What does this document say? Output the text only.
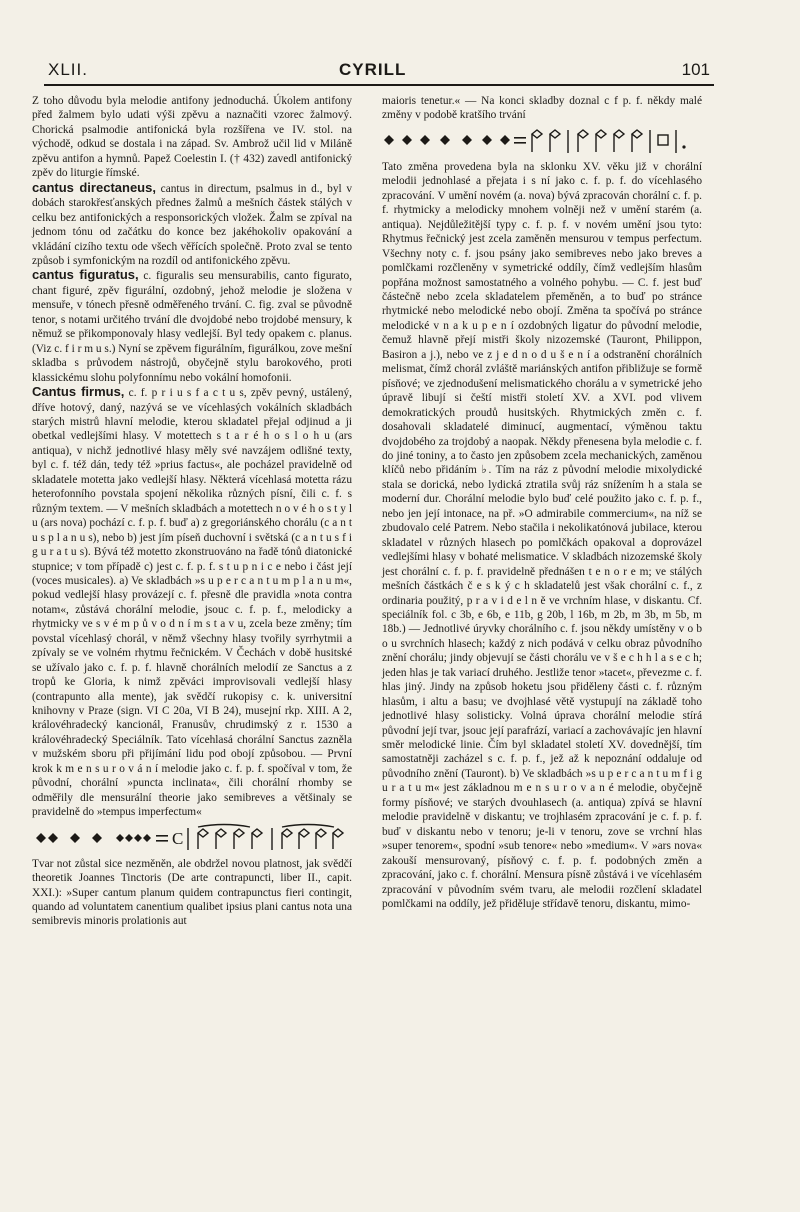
XLII.	CYRILL	101

Z toho důvodu byla melodie antifony jednoduchá. Úkolem antifony před žalmem bylo udati výši zpěvu a naznačiti vzorec žalmový. Chorická psalmodie antifonická byla rozšířena ve IV. stol. na východě, odkud se dostala i na západ. Sv. Ambrož učil lid v Miláně zpěvu antifon a hymnů. Papež Coelestin I. († 432) zavedl antifonický zpěv do liturgie římské.

cantus directaneus, cantus in directum, psalmus in d., byl v dobách starokřesťanských přednes žalmů a mešních částek stálých v celku bez antifonických a responsorických vložek. Žalm se zpíval na jednom tónu od začátku do konce bez jakéhokoliv opakování a vkládání cizího textu ode všech věřících společně. Proto zval se tento způsob i symfonickým na rozdíl od antifonického zpěvu.

cantus figuratus, c. figuralis seu mensurabilis, canto figurato, chant figuré, zpěv figurální, ozdobný, jehož melodie je složena v mensuře, v tónech přesně odměřeného trvání. C. fig. zval se původně tenor, s notami určitého trvání dle dvojdobé nebo trojdobé mensury, k němuž se přikomponovaly hlasy vedlejší. Byl tedy opakem c. planus. (Viz c. f i r m u s.) Nyní se zpěvem figurálním, figurálkou, zove mešní skladba s průvodem nástrojů, obyčejně stylu barokového, proti klassickému slohu polyfonnímu nebo vokální homofonii.

Cantus firmus, c. f. p r i u s f a c t u s, zpěv pevný, ustálený, dříve hotový, daný, nazývá se ve vícehlasých vokálních skladbách starých mistrů hlavní melodie, kterou skladatel přejal odjinud a ji obetkal vedlejšími hlasy. V motettech s t a r é h o s l o h u (ars antiqua), v nichž jednotlivé hlasy měly své navzájem odlišné texty, byl c. f. též dán, tedy též »prius factus«, ale pocházel pravidelně od skladatele motetta jako vedlejší hlasy. Některá vícehlasá motetta rázu heterofonního povstala spojení několika různých písní, čili c. f. s různým textem. — V mešních skladbách a motettech n o v é h o s t y l u (ars nova) pochází c. f. p. f. buď a) z gregoriánského chorálu (c a n t u s p l a n u s), nebo b) jest jím píseň duchovní i světská (c a n t u s f i g u r a t u s). Bývá též motetto zkonstruováno na řadě tónů diatonické stupnice; v tom případě c) jest c. f. p. f. s t u p n i c e nebo i část její (voces musicales). a) Ve skladbách »s u p e r c a n t u m p l a n u m«, pokud vedlejší hlasy provázejí c. f. přesně dle pravidla »nota contra notam«, zůstává chorální melodie, jsouc c. f. p. f., melodicky a rhytmicky ve s v é m p ů v o d n í m s t a v u, zcela beze změny; tím povstal vícehlasý chorál, v němž všechny hlasy tvořily syrrhytmii a zpívaly se ve volném rhytmu řečnickém. V Čechách v době husitské se užívalo jako c. f. p. f. hlavně chorálních melodií ze Sanctus a z tropů ke Gloria, k nimž zpěváci improvisovali vedlejší hlasy (contrapunto alla mente), jak svědčí rukopisy c. k. universitní knihovny v Praze (sign. VI C 20a, VI B 24), musejní rkp. XIII. A 2, královéhradecký kancionál, Franusův, chrudimský z r. 1530 a královéhradecký Speciálník. Tato vícehlasá chorální Sanctus zazněla v mužském sboru při přijímání lidu pod obojí způsobou. — První krok k m e n s u r o v á n í melodie jako c. f. p. f. spočíval v tom, že původní, chorální »puncta inclinata«, čili chorální rhomby se odměřily dle mensurální theorie jako semibreves a většinaly se pravidelně do »tempus imperfectum«

C

Tvar not zůstal sice nezměněn, ale obdržel novou platnost, jak svědčí theoretik Joannes Tinctoris (De arte contrapuncti, liber II., capit. XXI.): »Super cantum planum quidem contrapunctus fieri contingit, quando ad voluntatem canentium qualibet ipsius plani cantus nota una semibrevis minoris prolationis aut

maioris tenetur.« — Na konci skladby doznal c f p. f. někdy malé změny v podobě kratšího trvání

Tato změna provedena byla na sklonku XV. věku již v chorální melodii jednohlasé a přejata i s ní jako c. f. p. f. do vícehlasého zpracování. V umění novém (a. nova) bývá zpracován chorální c. f. p. f. rhytmicky a melodicky mnohem volněji než v umění starém (a. antiqua). Nejdůležitější typy c. f. p. f. v novém umění jsou tyto: Rhytmus řečnický jest zcela zaměněn mensurou v tempus perfectum. Všechny noty c. f. jsou psány jako semibreves nebo jako breves a pomlčkami rozčleněny v symetrické oddíly, čímž vedlejším hlasům popřána možnost samostatného a volného pohybu. — C. f. jest buď částečně nebo zcela skladatelem přeměněn, a to buď po stránce rhytmické nebo melodické nebo obojí. Změna ta spočívá po stránce melodické v n a k u p e n í ozdobných ligatur do původní melodie, čemuž hlavně přejí mistři školy nizozemské (Tauront, Philippon, Basiron a j.), nebo ve z j e d n o d u š e n í a odstranění chorálních melismat, čímž chorál zvláště mariánských antifon přibližuje se formě písňové; ve zjednodušení melismatického chorálu a v symetrické jeho úpravě libují si čeští mistři století XV. a XVI. pod vlivem demokratických proudů husitských. Rhytmických změn c. f. dosahovali skladatelé diminucí, augmentací, výměnou taktu dvojdobého za trojdobý a naopak. Někdy přenesena byla melodie c. f. do jiné toniny, a to často jen způsobem zcela mechanických, zaměnou klíčů nebo přidáním ♭. Tím na ráz z původní melodie mixolydické stala se dorická, nebo lydická ztratila svůj ráz snížením h a stala se moderní dur. Chorální melodie bylo buď celé použito jako c. f. p. f., nebo jen její intonace, na př. »O admirabile commercium«, na níž se zbudovalo celé Patrem. Nebo stačila i nekolikatónová jubilace, kterou skladatel v různých hlasech po pomlčkách opakoval a doprovázel vedlejšími hlasy v bohaté melismatice. V skladbách nizozemské školy jest chorální c. f. p. f. pravidelně přednášen t e n o r e m; ve stálých mešních částkách č e s k ý c h skladatelů jest však chorální c. f., z ordinaria použitý, p r a v i d e l n ě ve vrchním hlase, v diskantu. Cf. speciálník fol. c 3b, e 6b, e 11b, g 20b, l 16b, m 2b, m 3b, m 5b, m 18b.) — Jednotlivé úryvky chorálního c. f. jsou někdy umístěny v o b o u svrchních hlasech; každý z nich podává v celku obraz původního znění chorálu; jindy objevují se části chorálu ve v š e c h h l a s e c h; jeden hlas je tak variací druhého. Jestliže tenor »tacet«, převezme c. f. hlas jiný. Jindy na způsob hoketu jsou přiděleny části c. f. různým hlasům, i altu a basu; ve dvojhlasé větě vystupují na základě toho jednotlivé hlasy solisticky. Volná úprava chorální melodie stírá původní její tvar, jsouc její parafrází, variací a zachovávajíc jen hlavní směr melodické linie. Čím byl skladatel století XV. dovednější, tím samostatněji zacházel s c. f. p. f., jež až k nepoznání oddaluje od původního znění (Tauront). b) Ve skladbách »s u p e r c a n t u m f i g u r a t u m« jest základnou m e n s u r o v a n é melodie, obyčejně formy písňové; ve starých dvouhlasech (a. antiqua) zpívá se hlavní melodie pravidelně v diskantu; ve trojhlasém zpracování je c. f. p. f. buď v diskantu nebo v tenoru; je-li v tenoru, zove se vrchní hlas »super tenorem«, spodní »sub tenore« nebo »medium«. V »ars nova« zakouší mensurovaný, písňový c. f. p. f. podobných změn a zpracování, jako c. f. chorální. Mensura písně zůstává i ve vícehlasém zpracování v původním svém tvaru, ale melodii rozčlení skladatel pomlčkami na oddíly, jež přiděluje střídavě tenoru, diskantu, mimo-
